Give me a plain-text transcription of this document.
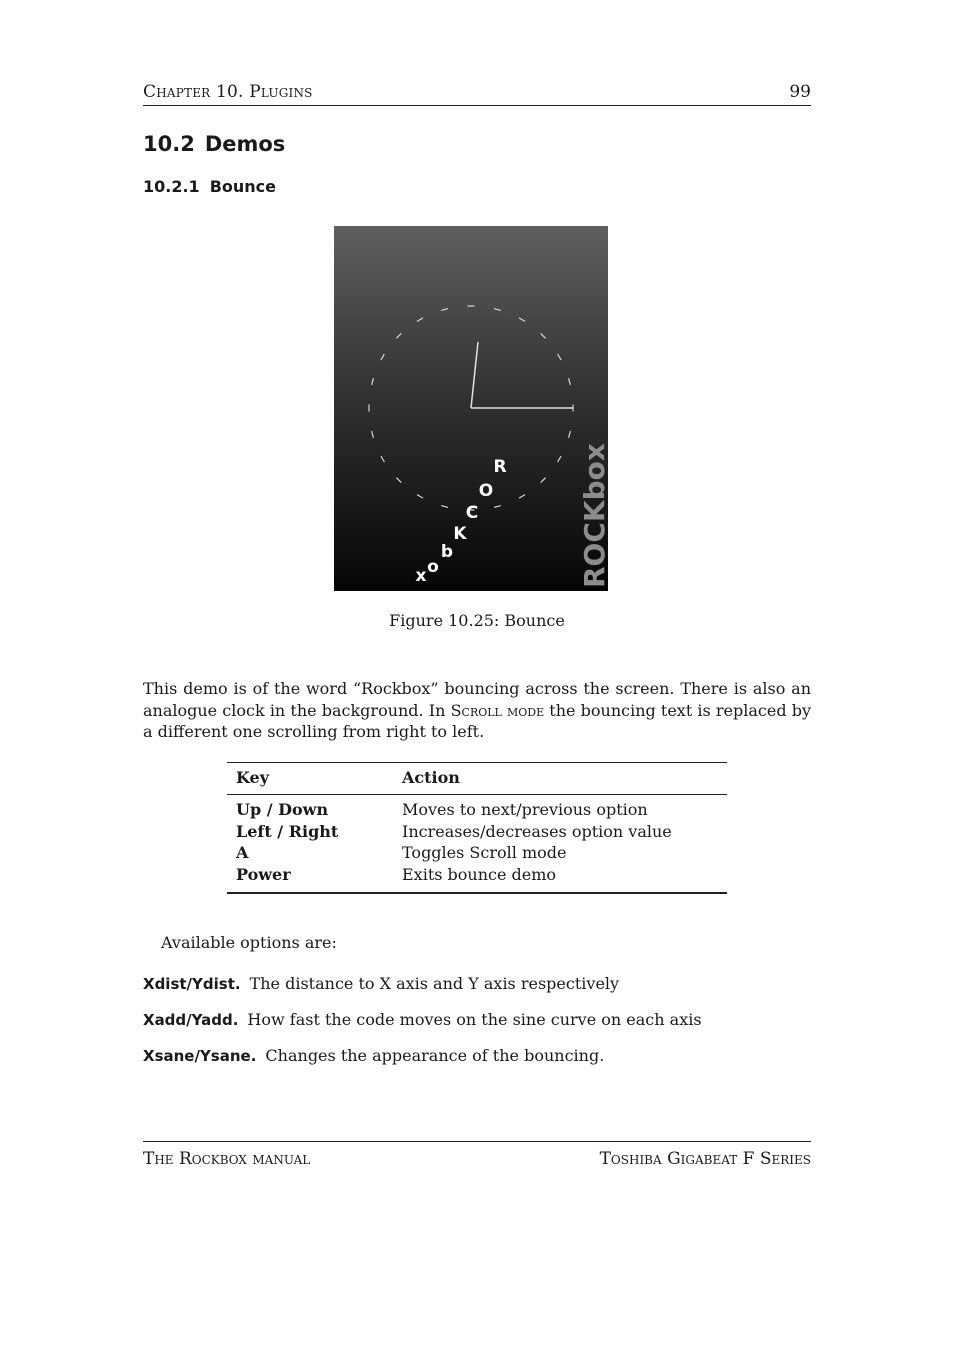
Chapter 10. Plugins	99
10.2 Demos
10.2.1 Bounce
R
O
C
K
b
o
x	ROCKbox
Figure 10.25: Bounce
This demo is of the word “Rockbox” bouncing across the screen. There is also an analogue clock in the background. In Scroll mode the bouncing text is replaced by a different one scrolling from right to left.
Key	Action
Up / Down	Moves to next/previous option
Left / Right	Increases/decreases option value
A	Toggles Scroll mode
Power	Exits bounce demo
Available options are:
Xdist/Ydist. The distance to X axis and Y axis respectively
Xadd/Yadd. How fast the code moves on the sine curve on each axis
Xsane/Ysane. Changes the appearance of the bouncing.
The Rockbox manual	Toshiba Gigabeat F Series
